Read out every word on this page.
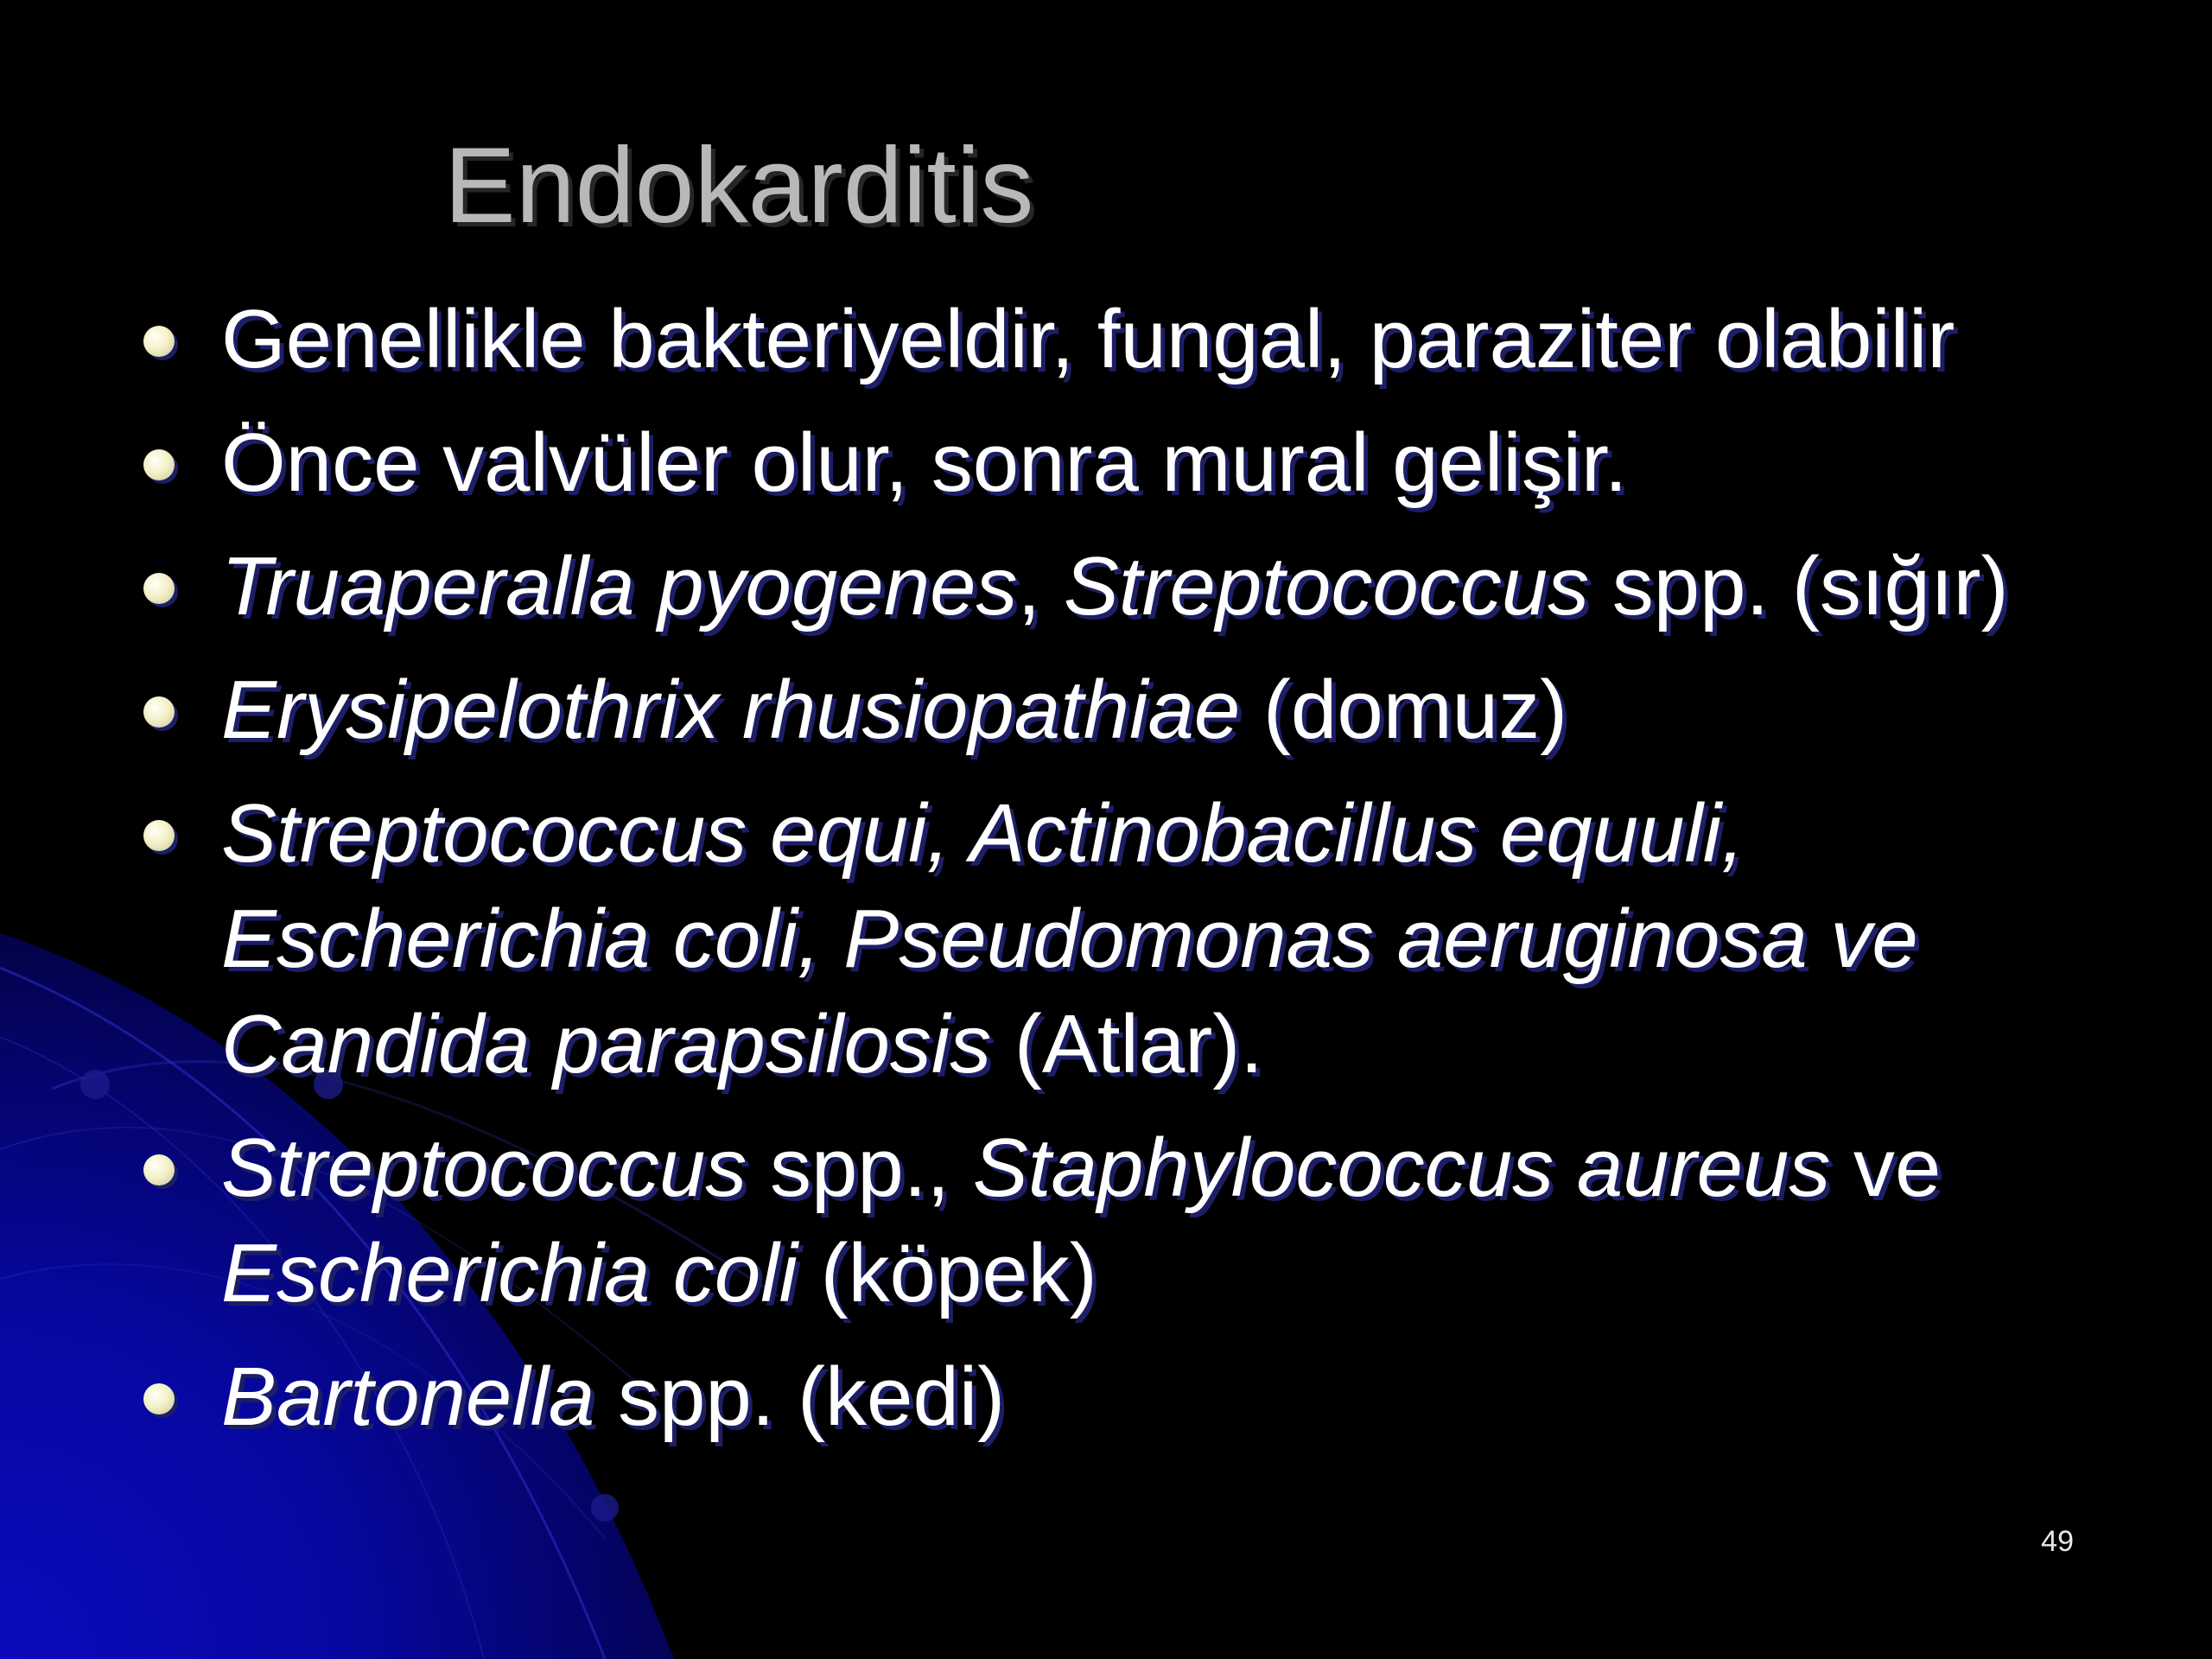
Endokarditis
Genellikle bakteriyeldir, fungal, paraziter olabilir
Önce valvüler olur, sonra mural gelişir.
Truaperalla pyogenes, Streptococcus spp. (sığır)
Erysipelothrix rhusiopathiae (domuz)
Streptococcus equi, Actinobacillus equuli,
Escherichia coli, Pseudomonas aeruginosa ve
Candida parapsilosis (Atlar).
Streptococcus spp., Staphylococcus aureus ve
Escherichia coli (köpek)
Bartonella spp. (kedi)
49
